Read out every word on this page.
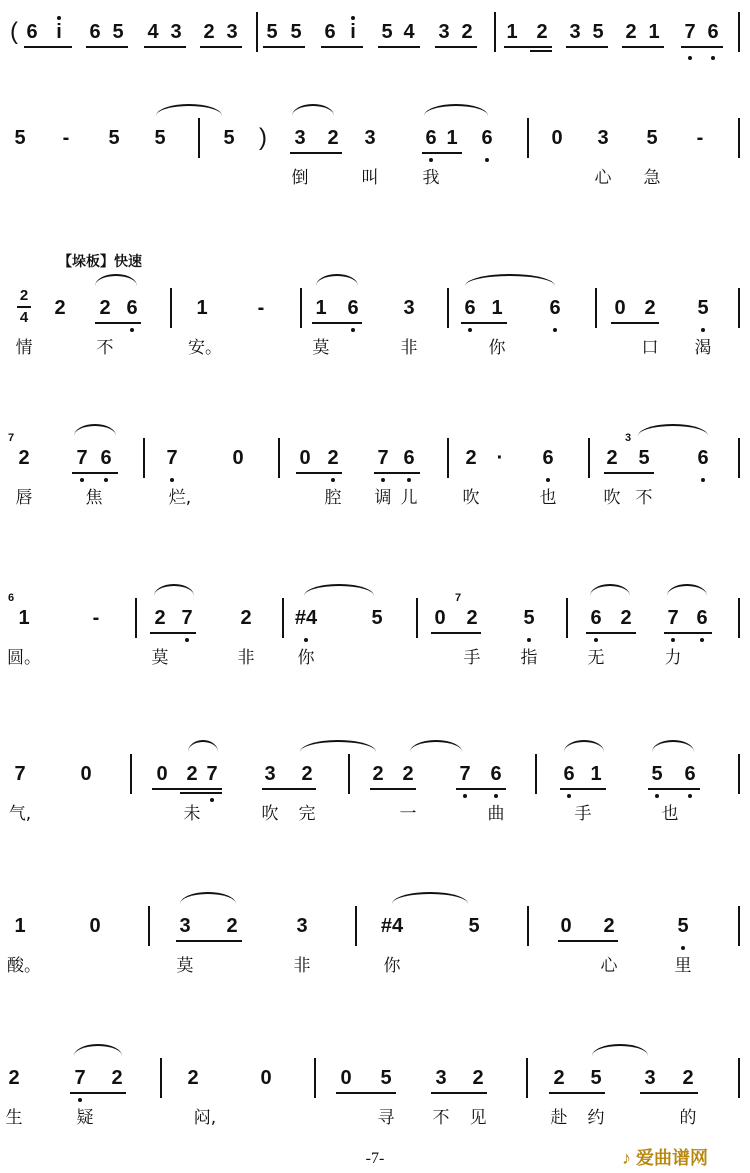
( 6 i 6 5 4 3 2 3 5 5 6 i 5 4 3 2 1 2 3 5 2 1 7 6
5 - 5 5	5 ) 3 2 3 6 1 6	0 3 5 -
倒	叫	我	心 急
【垛板】快速
2
4 2 2 6	1	-	1 6 3 6 1 6	0 2 5
情	不	安。	莫	非	你	口 渴
7
2 7 6	7	0	0 2 7 6	2 · 6	2
3
5 6
唇	焦	烂,	腔 调 儿	吹	也	吹 不
6
1	-	2 7 2 #4	5	0
7
2 5	6 2 7 6
圆。	莫	非	你	手 指	无	力
7	0	0 2 7 3 2	2 2 7 6	6 1 5 6
气,	未	吹 完	一	曲	手	也
1	0	3 2	3	#4	5	0 2	5
酸。	莫	非	你	心	里
2	7 2	2	0	0 5 3 2	2 5 3 2
生	疑	闷,	寻 不 见	赴 约	的
-7-	♪ 爱曲谱网
